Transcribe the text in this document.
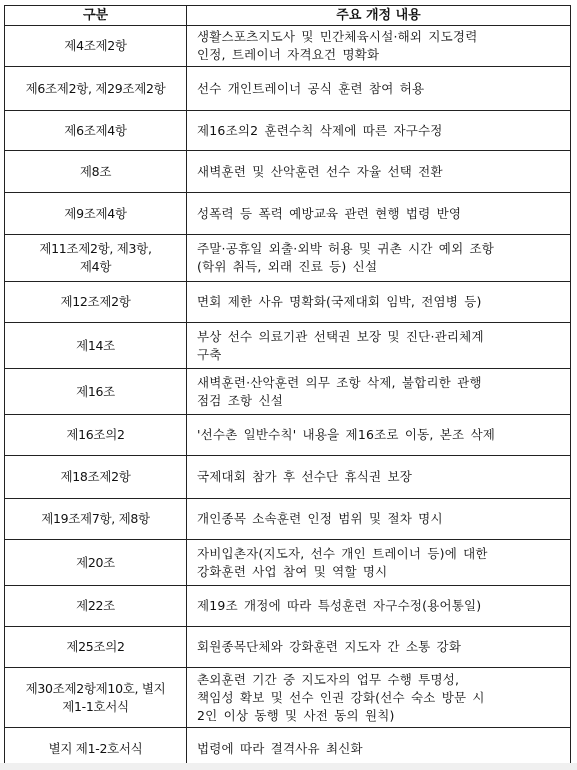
구분	주요 개정 내용
제4조제2항	생활스포츠지도사 및 민간체육시설·해외 지도경력
인정, 트레이너 자격요건 명확화
제6조제2항, 제29조제2항	선수 개인트레이너 공식 훈련 참여 허용
제6조제4항	제16조의2 훈련수칙 삭제에 따른 자구수정
제8조	새벽훈련 및 산악훈련 선수 자율 선택 전환
제9조제4항	성폭력 등 폭력 예방교육 관련 현행 법령 반영
제11조제2항, 제3항,
제4항	주말·공휴일 외출·외박 허용 및 귀촌 시간 예외 조항
(학위 취득, 외래 진료 등) 신설
제12조제2항	면회 제한 사유 명확화(국제대회 임박, 전염병 등)
제14조	부상 선수 의료기관 선택권 보장 및 진단·관리체계
구축
제16조	새벽훈련·산악훈련 의무 조항 삭제, 불합리한 관행
점검 조항 신설
제16조의2	'선수촌 일반수칙' 내용을 제16조로 이동, 본조 삭제
제18조제2항	국제대회 참가 후 선수단 휴식권 보장
제19조제7항, 제8항	개인종목 소속훈련 인정 범위 및 절차 명시
제20조	자비입촌자(지도자, 선수 개인 트레이너 등)에 대한
강화훈련 사업 참여 및 역할 명시
제22조	제19조 개정에 따라 특성훈련 자구수정(용어통일)
제25조의2	회원종목단체와 강화훈련 지도자 간 소통 강화
제30조제2항제10호, 별지
제1-1호서식	촌외훈련 기간 중 지도자의 업무 수행 투명성,
책임성 확보 및 선수 인권 강화(선수 숙소 방문 시
2인 이상 동행 및 사전 동의 원칙)
별지 제1-2호서식	법령에 따라 결격사유 최신화
